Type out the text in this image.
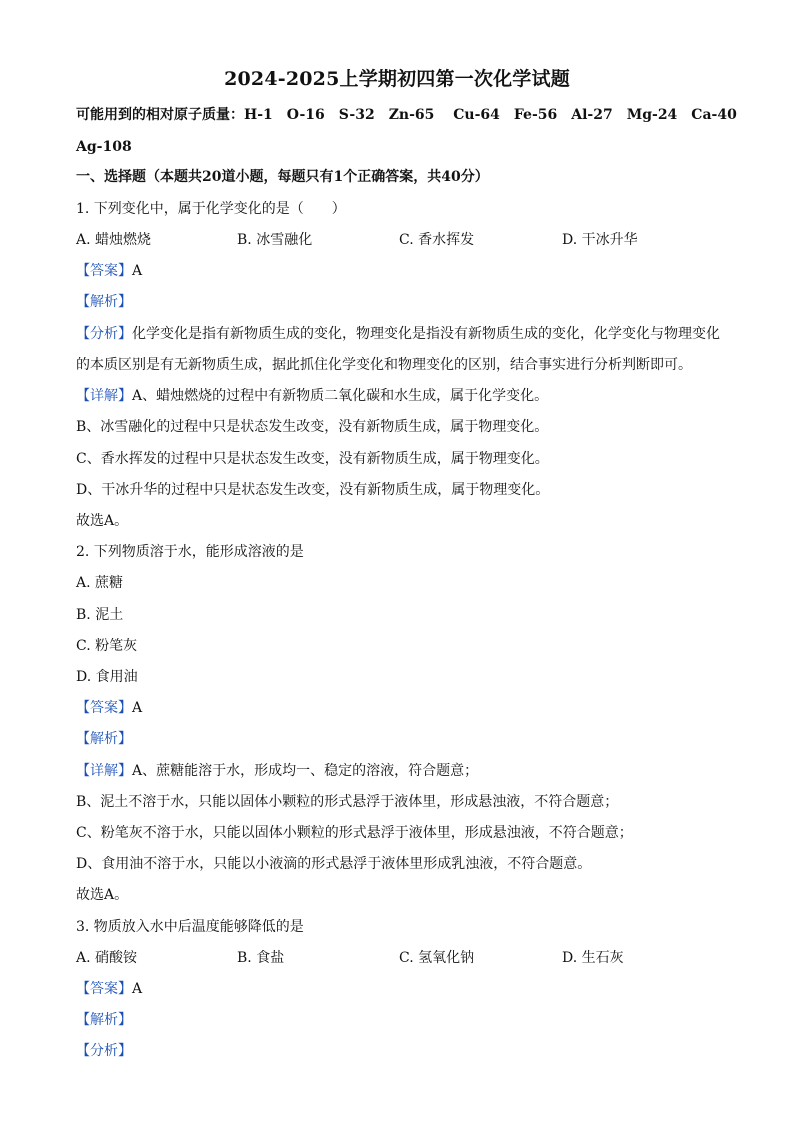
2024-2025上学期初四第一次化学试题
可能用到的相对原子质量：H-1　O-16　S-32　Zn-65　 Cu-64　Fe-56　Al-27　Mg-24　Ca-40
Ag-108
一、选择题（本题共20道小题，每题只有1个正确答案，共40分）
1. 下列变化中，属于化学变化的是（　　）
A. 蜡烛燃烧	B. 冰雪融化	C. 香水挥发	D. 干冰升华
【答案】A
【解析】
【分析】化学变化是指有新物质生成的变化，物理变化是指没有新物质生成的变化，化学变化与物理变化
的本质区别是有无新物质生成，据此抓住化学变化和物理变化的区别，结合事实进行分析判断即可。
【详解】A、蜡烛燃烧的过程中有新物质二氧化碳和水生成，属于化学变化。
B、冰雪融化的过程中只是状态发生改变，没有新物质生成，属于物理变化。
C、香水挥发的过程中只是状态发生改变，没有新物质生成，属于物理变化。
D、干冰升华的过程中只是状态发生改变，没有新物质生成，属于物理变化。
故选A。
2. 下列物质溶于水，能形成溶液的是
A. 蔗糖
B. 泥土
C. 粉笔灰
D. 食用油
【答案】A
【解析】
【详解】A、蔗糖能溶于水，形成均一、稳定的溶液，符合题意；
B、泥土不溶于水，只能以固体小颗粒的形式悬浮于液体里，形成悬浊液，不符合题意；
C、粉笔灰不溶于水，只能以固体小颗粒的形式悬浮于液体里，形成悬浊液，不符合题意；
D、食用油不溶于水，只能以小液滴的形式悬浮于液体里形成乳浊液，不符合题意。
故选A。
3. 物质放入水中后温度能够降低的是
A. 硝酸铵	B. 食盐	C. 氢氧化钠	D. 生石灰
【答案】A
【解析】
【分析】
